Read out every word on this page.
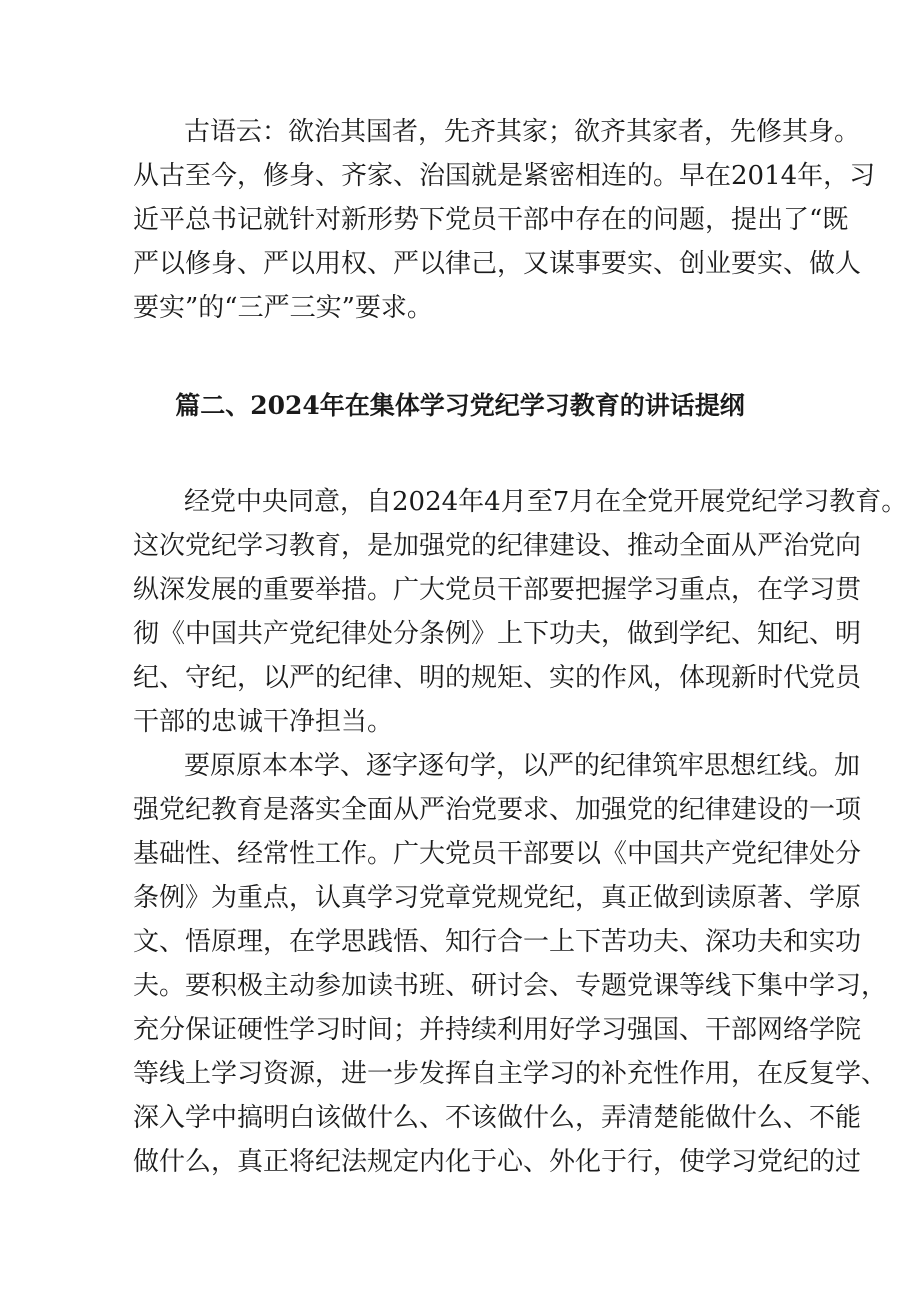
古语云：欲治其国者，先齐其家；欲齐其家者，先修其身。
从古至今，修身、齐家、治国就是紧密相连的。早在2014年，习
近平总书记就针对新形势下党员干部中存在的问题，提出了“既
严以修身、严以用权、严以律己，又谋事要实、创业要实、做人
要实”的“三严三实”要求。
篇二、2024年在集体学习党纪学习教育的讲话提纲
经党中央同意，自2024年4月至7月在全党开展党纪学习教育。
这次党纪学习教育，是加强党的纪律建设、推动全面从严治党向
纵深发展的重要举措。广大党员干部要把握学习重点，在学习贯
彻《中国共产党纪律处分条例》上下功夫，做到学纪、知纪、明
纪、守纪，以严的纪律、明的规矩、实的作风，体现新时代党员
干部的忠诚干净担当。
要原原本本学、逐字逐句学，以严的纪律筑牢思想红线。加
强党纪教育是落实全面从严治党要求、加强党的纪律建设的一项
基础性、经常性工作。广大党员干部要以《中国共产党纪律处分
条例》为重点，认真学习党章党规党纪，真正做到读原著、学原
文、悟原理，在学思践悟、知行合一上下苦功夫、深功夫和实功
夫。要积极主动参加读书班、研讨会、专题党课等线下集中学习，
充分保证硬性学习时间；并持续利用好学习强国、干部网络学院
等线上学习资源，进一步发挥自主学习的补充性作用，在反复学、
深入学中搞明白该做什么、不该做什么，弄清楚能做什么、不能
做什么，真正将纪法规定内化于心、外化于行，使学习党纪的过
